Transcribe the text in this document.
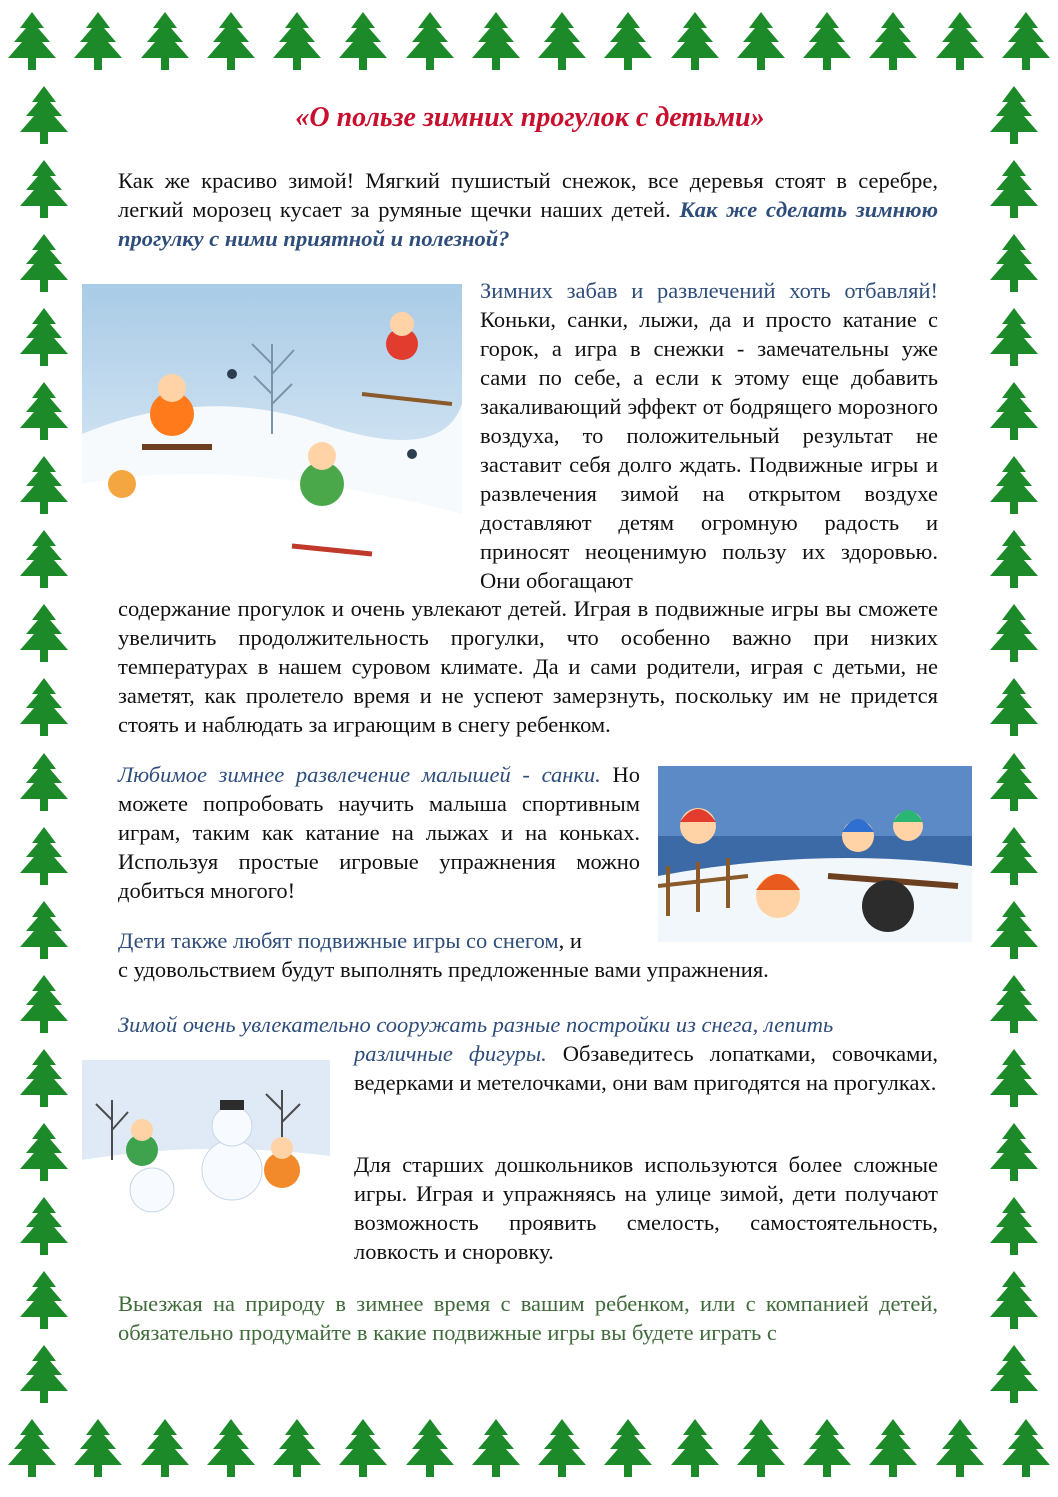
«О пользе зимних прогулок с детьми»

Как же красиво зимой! Мягкий пушистый снежок, все деревья стоят в серебре, легкий морозец кусает за румяные щечки наших детей. Как же сделать зимнюю прогулку с ними приятной и полезной?

Зимних забав и развлечений хоть отбавляй! Коньки, санки, лыжи, да и просто катание с горок, а игра в снежки - замечательны уже сами по себе, а если к этому еще добавить закаливающий эффект от бодрящего морозного воздуха, то положительный результат не заставит себя долго ждать. Подвижные игры и развлечения зимой на открытом воздухе доставляют детям огромную радость и приносят неоценимую пользу их здоровью. Они обогащают

содержание прогулок и очень увлекают детей. Играя в подвижные игры вы сможете увеличить продолжительность прогулки, что особенно важно при низких температурах в нашем суровом климате. Да и сами родители, играя с детьми, не заметят, как пролетело время и не успеют замерзнуть, поскольку им не придется стоять и наблюдать за играющим в снегу ребенком.

Любимое зимнее развлечение малышей - санки. Но можете попробовать научить малыша спортивным играм, таким как катание на лыжах и на коньках. Используя простые игровые упражнения можно добиться многого!

Дети также любят подвижные игры со снегом, и

с удовольствием будут выполнять предложенные вами упражнения.

Зимой очень увлекательно сооружать разные постройки из снега, лепить

различные фигуры. Обзаведитесь лопатками, совочками, ведерками и метелочками, они вам пригодятся на прогулках.

Для старших дошкольников используются более сложные игры. Играя и упражняясь на улице зимой, дети получают возможность проявить смелость, самостоятельность, ловкость и сноровку.

Выезжая на природу в зимнее время с вашим ребенком, или с компанией детей, обязательно продумайте в какие подвижные игры вы будете играть с
